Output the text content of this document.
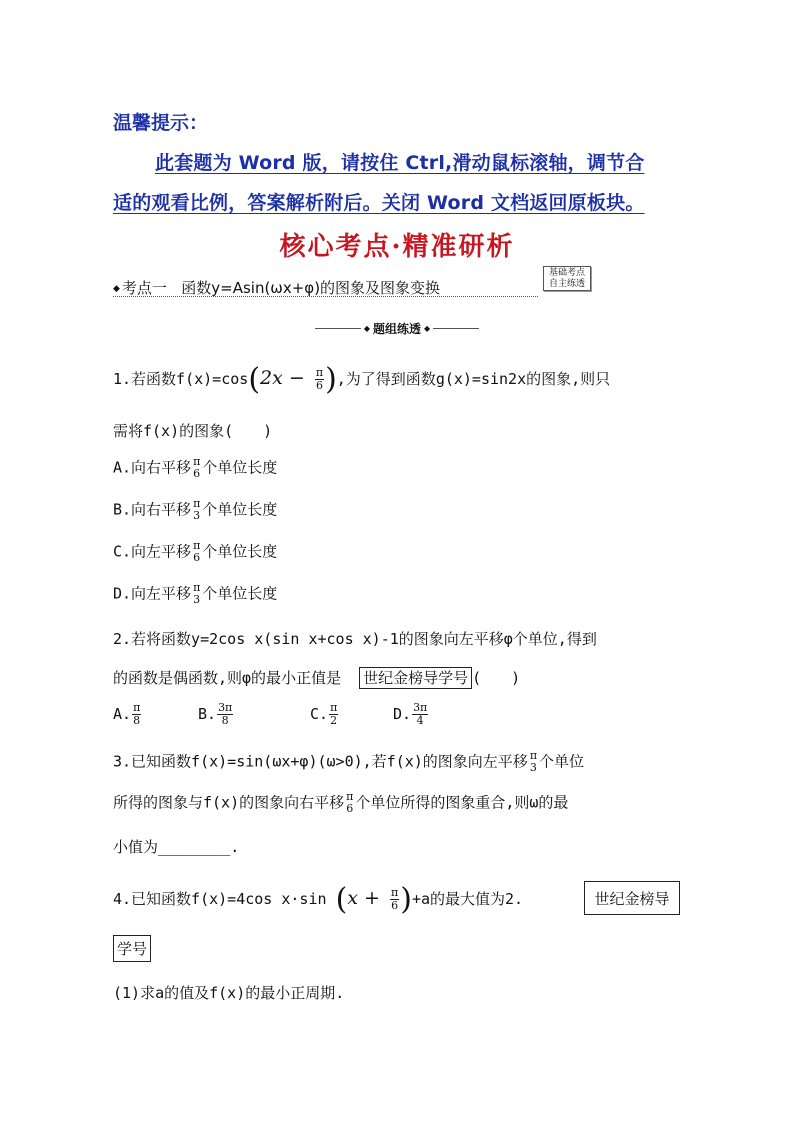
温馨提示：
此套题为 Word 版，请按住 Ctrl,滑动鼠标滚轴，调节合
适的观看比例，答案解析附后。关闭 Word 文档返回原板块。
核心考点·精准研析
◆ 考点一 函数y=Asin(ωx+φ)的图象及图象变换
基础考点
自主练透
◆ 题组练透 ◆
1.若函数$f(x)=\cos(2x - \frac{\pi}{6}$ ),为了得到函数g(x)=sin2x的图象,则只
需将f(x)的图象(　　)
A.向右平移 π
6 个单位长度
B.向右平移 π
3 个单位长度
C.向左平移 π
6 个单位长度
D.向左平移 π
3 个单位长度
2.若将函数y=2cos x(sin x+cos x)-1的图象向左平移φ个单位,得到
的函数是偶函数,则φ的最小正值是 世纪金榜导学号 (　　)
A. $\frac{\pi}{8}$	B. $\frac{3\pi}{8}$	C. $\frac{\pi}{2}$	D. $\frac{3\pi}{4}$
3.已知函数f(x)=sin(ωx+φ)(ω>0),若f(x)的图象向左平移 π
3 个单位
所得的图象与f(x)的图象向右平移 π
6 个单位所得的图象重合,则ω的最
小值为________.
4.已知函数f(x)=4cos x·sin $(x + \frac{\pi}{6} )+a$的最大值为2.	世纪金榜导
学号
(1)求a的值及f(x)的最小正周期.
